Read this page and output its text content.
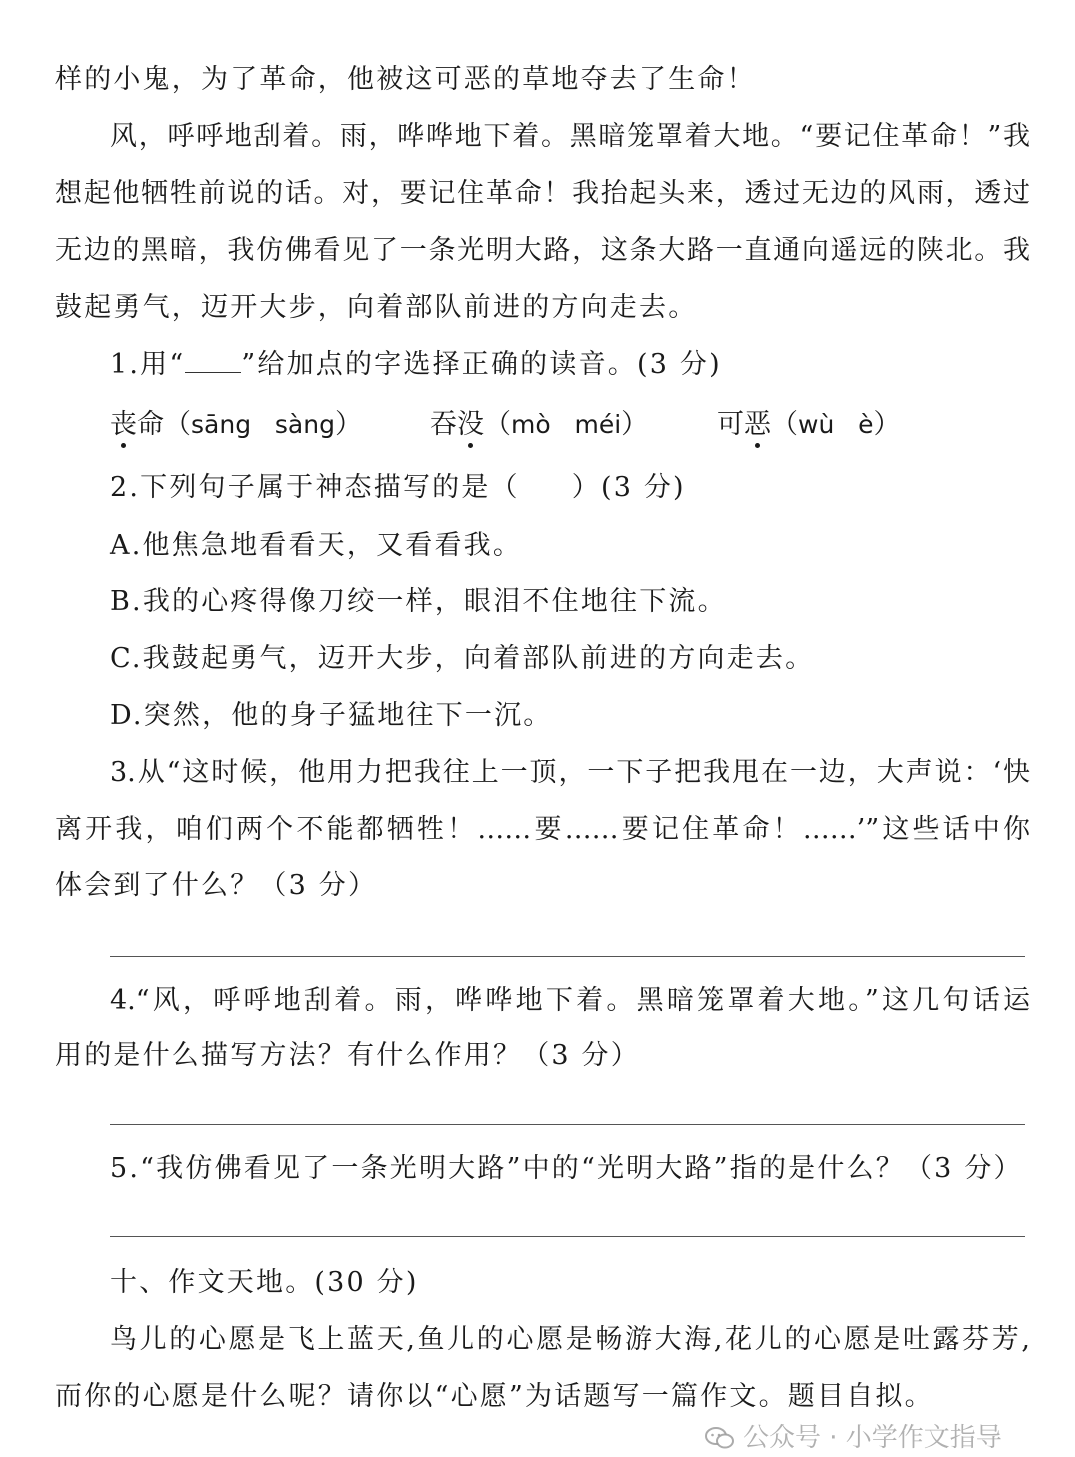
样的小鬼，为了革命，他被这可恶的草地夺去了生命！
风，呼呼地刮着。雨，哗哗地下着。黑暗笼罩着大地。“要记住革命！”我
想起他牺牲前说的话。对，要记住革命！我抬起头来，透过无边的风雨，透过
无边的黑暗，我仿佛看见了一条光明大路，这条大路一直通向遥远的陕北。我
鼓起勇气，迈开大步，向着部队前进的方向走去。
1.用“ ”给加点的字选择正确的读音。(3 分)
丧命（sāng   sàng）	吞没（mò   méi）	可恶（wù   è）
2.下列句子属于神态描写的是（ ）(3 分)
A.他焦急地看看天，又看看我。
B.我的心疼得像刀绞一样，眼泪不住地往下流。
C.我鼓起勇气，迈开大步，向着部队前进的方向走去。
D.突然，他的身子猛地往下一沉。
3.从“这时候，他用力把我往上一顶，一下子把我甩在一边，大声说：‘快
离开我，咱们两个不能都牺牲！……要……要记住革命！……’”这些话中你
体会到了什么？（3 分）
4.“风，呼呼地刮着。雨，哗哗地下着。黑暗笼罩着大地。”这几句话运
用的是什么描写方法？有什么作用？（3 分）
5.“我仿佛看见了一条光明大路”中的“光明大路”指的是什么？（3 分）
十、作文天地。(30 分)
鸟儿的心愿是飞上蓝天,鱼儿的心愿是畅游大海,花儿的心愿是吐露芬芳,
而你的心愿是什么呢？请你以“心愿”为话题写一篇作文。题目自拟。
公众号 · 小学作文指导
